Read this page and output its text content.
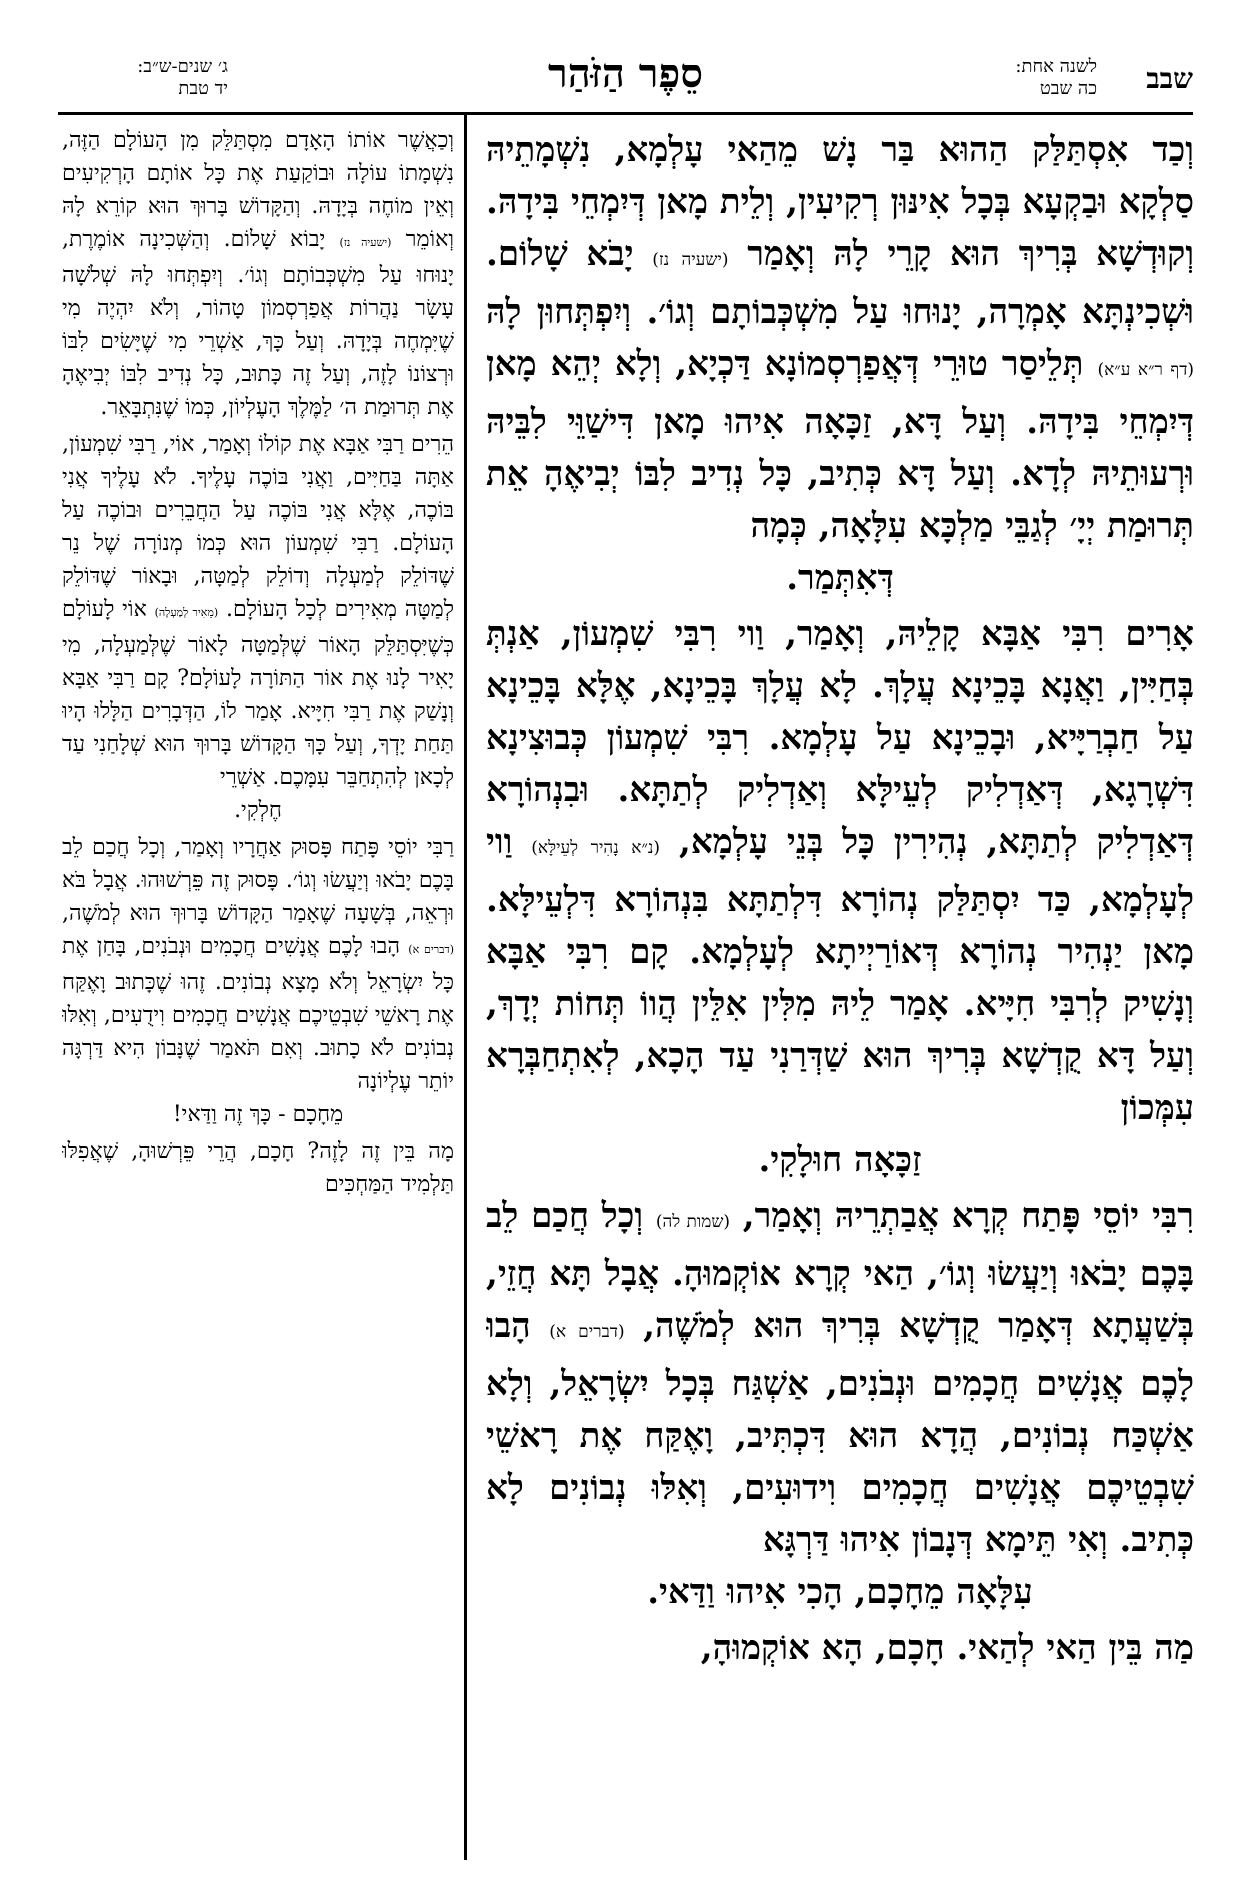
שבב
לשנה אחת:
כה שבט
סֵפֶר הַזֹּהַר
ג׳ שנים-ש״ב:
יד טבת

וְכַד אִסְתַּלַּק הַהוּא בַּר נָשׁ מֵהַאי עָלְמָא, נִשְׁמָתֵיהּ סַלְקָא וּבַקְעָא בְּכָל אִינּוּן רְקִיעִין, וְלֵית מָאן דְּיִמְחֵי בִּידָהּ. וְקוּדְשָׁא בְּרִיךְ הוּא קָרֵי לָהּ וְאָמַר (ישעיה נז) יָבֹא שָׁלוֹם. וּשְׁכִינְתָּא אָמְרָה, יָנוּחוּ עַל מִשְׁכְּבוֹתָם וְגוֹ׳. וְיִפְתְּחוּן לָהּ (דף ר״א ע״א) תְּלֵיסַר טוּרֵי דְּאֲפַרְסְמוֹנָא דַּכְיָא, וְלָא יְהֵא מָאן דְּיִמְחֵי בִּידָהּ. וְעַל דָּא, זַכָּאָה אִיהוּ מָאן דִּישַׁוֵּי לִבֵּיהּ וּרְעוּתֵיהּ לְדָא. וְעַל דָּא כְּתִיב, כָּל נְדִיב לִבּוֹ יְבִיאֶהָ אֵת תְּרוּמַת יְיָ׳ לְגַבֵּי מַלְכָּא עִלָּאָה, כְּמָה
דְּאִתְּמַר.

אָרִים רִבִּי אַבָּא קָלֵיהּ, וְאָמַר, וַוי רִבִּי שִׁמְעוֹן, אַנְתְּ בְּחַיִּין, וַאֲנָא בָּכֵינָא עֲלָךְ. לָא עֲלָךְ בָּכֵינָא, אֶלָּא בָּכֵינָא עַל חַבְרַיָּיא, וּבָכֵינָא עַל עָלְמָא. רִבִּי שִׁמְעוֹן כְּבוּצִינָא דִּשְׁרָגָא, דְּאַדְלִיק לְעֵילָּא וְאַדְלִיק לְתַתָּא. וּבִנְהוֹרָא דְּאַדְלִיק לְתַתָּא, נְהִירִין כָּל בְּנֵי עָלְמָא, (נ״א נָהִיר לְעֵילָּא) וַוי לְעָלְמָא, כַּד יִסְתַּלַּק נְהוֹרָא דִּלְתַתָּא בִּנְהוֹרָא דִּלְעֵילָּא. מָאן יַנְהִיר נְהוֹרָא דְּאוֹרַיְיתָא לְעָלְמָא. קָם רִבִּי אַבָּא וְנָשִׁיק לְרִבִּי חִיָּיא. אָמַר לֵיהּ מִלִּין אִלֵּין הֲווֹ תְּחוֹת יְדָךְ, וְעַל דָּא קֻדְשָׁא בְּרִיךְ הוּא שַׁדְּרַנִי עַד הָכָא, לְאִתְחַבְּרָא עִמְּכוֹן
זַכָּאָה חוּלָקִי.

רִבִּי יוֹסֵי פָּתַח קְרָא אֲבַתְרֵיהּ וְאָמַר, (שמות לה) וְכָל חֲכַם לֵב בָּכֶם יָבֹאוּ וְיַעֲשׂוּ וְגוֹ׳, הַאי קְרָא אוֹקְמוּהָ. אֲבָל תָּא חֲזֵי, בְּשַׁעֲתָא דְּאָמַר קֻדְשָׁא בְּרִיךְ הוּא לְמֹשֶׁה, (דברים א) הָבוּ לָכֶם אֲנָשִׁים חֲכָמִים וּנְבֹנִים, אַשְׁגַּח בְּכָל יִשְׂרָאֵל, וְלָא אַשְׁכַּח נְבוֹנִים, הֲדָא הוּא דִּכְתִּיב, וָאֶקַּח אֶת רָאשֵׁי שִׁבְטֵיכֶם אֲנָשִׁים חֲכָמִים וִידוּעִים, וְאִלּוּ נְבוֹנִים לָא כְּתִיב. וְאִי תֵּימָא דְּנָבוֹן אִיהוּ דַּרְגָּא
עִלָּאָה מֵחָכָם, הָכִי אִיהוּ וַדַּאי.

מַה בֵּין הַאי לְהַאי. חָכָם, הָא אוֹקְמוּהָ,

וְכַאֲשֶׁר אוֹתוֹ הָאָדָם מִסְתַּלֵּק מִן הָעוֹלָם הַזֶּה, נִשְׁמָתוֹ עוֹלָה וּבוֹקַעַת אֶת כָּל אוֹתָם הָרְקִיעִים וְאֵין מוֹחֶה בְּיָדָהּ. וְהַקָּדוֹשׁ בָּרוּךְ הוּא קוֹרֵא לָהּ וְאוֹמֵר (ישעיה נז) יָבוֹא שָׁלוֹם. וְהַשְּׁכִינָה אוֹמֶרֶת, יָנוּחוּ עַל מִשְׁכְּבוֹתָם וְגוֹ׳. וְיִפְתְּחוּ לָהּ שְׁלֹשָׁה עָשָׂר נַהֲרוֹת אֲפַרְסְמוֹן טָהוֹר, וְלֹא יִהְיֶה מִי שֶׁיִּמְחֶה בְּיָדָהּ. וְעַל כָּךְ, אַשְׁרֵי מִי שֶׁיָּשִׂים לִבּוֹ וּרְצוֹנוֹ לָזֶה, וְעַל זֶה כָּתוּב, כָּל נְדִיב לִבּוֹ יְבִיאֶהָ אֶת תְּרוּמַת ה׳ לַמֶּלֶךְ הָעֶלְיוֹן, כְּמוֹ שֶׁנִּתְבָּאֵר.

הֵרִים רַבִּי אַבָּא אֶת קוֹלוֹ וְאָמַר, אוֹי, רַבִּי שִׁמְעוֹן, אַתָּה בַּחַיִּים, וַאֲנִי בּוֹכֶה עָלֶיךָ. לֹא עָלֶיךָ אֲנִי בּוֹכֶה, אֶלָּא אֲנִי בּוֹכֶה עַל הַחֲבֵרִים וּבוֹכֶה עַל הָעוֹלָם. רַבִּי שִׁמְעוֹן הוּא כְּמוֹ מְנוֹרָה שֶׁל נֵר שֶׁדּוֹלֵק לְמַעְלָה וְדוֹלֵק לְמַטָּה, וּבָאוֹר שֶׁדּוֹלֵק לְמַטָּה מְאִירִים לְכָל הָעוֹלָם. (מֵאִיר לְמַעְלָה) אוֹי לָעוֹלָם כְּשֶׁיִּסְתַּלֵּק הָאוֹר שֶׁלְּמַטָּה לָאוֹר שֶׁלְּמַעְלָה, מִי יָאִיר לָנוּ אֶת אוֹר הַתּוֹרָה לָעוֹלָם? קָם רַבִּי אַבָּא וְנָשַׁק אֶת רַבִּי חִיָּיא. אָמַר לוֹ, הַדְּבָרִים הַלָּלוּ הָיוּ תַּחַת יָדְךָ, וְעַל כָּךְ הַקָּדוֹשׁ בָּרוּךְ הוּא שְׁלָחַנִי עַד לְכָאן לְהִתְחַבֵּר עִמָּכֶם. אַשְׁרֵי
חֶלְקִי.

רַבִּי יוֹסֵי פָּתַח פָּסוּק אַחֲרָיו וְאָמַר, וְכָל חֲכַם לֵב בָּכֶם יָבֹאוּ וְיַעֲשׂוּ וְגוֹ׳. פָּסוּק זֶה פֵּרְשׁוּהוּ. אֲבָל בֹּא וּרְאֵה, בְּשָׁעָה שֶׁאָמַר הַקָּדוֹשׁ בָּרוּךְ הוּא לְמֹשֶׁה, (דברים א) הָבוּ לָכֶם אֲנָשִׁים חֲכָמִים וּנְבֹנִים, בָּחַן אֶת כָּל יִשְׂרָאֵל וְלֹא מָצָא נְבוֹנִים. זֶהוּ שֶׁכָּתוּב וָאֶקַּח אֶת רָאשֵׁי שִׁבְטֵיכֶם אֲנָשִׁים חֲכָמִים וִידֻעִים, וְאִלּוּ נְבוֹנִים לֹא כָתוּב. וְאִם תֹּאמַר שֶׁנָּבוֹן הִיא דַּרְגָּה יוֹתֵר עֶלְיוֹנָה
מֵחָכָם - כָּךְ זֶה וַדַּאי!

מָה בֵּין זֶה לָזֶה? חָכָם, הֲרֵי פֵּרְשׁוּהָ, שֶׁאֲפִלּוּ תַּלְמִיד הַמַּחְכִּים
